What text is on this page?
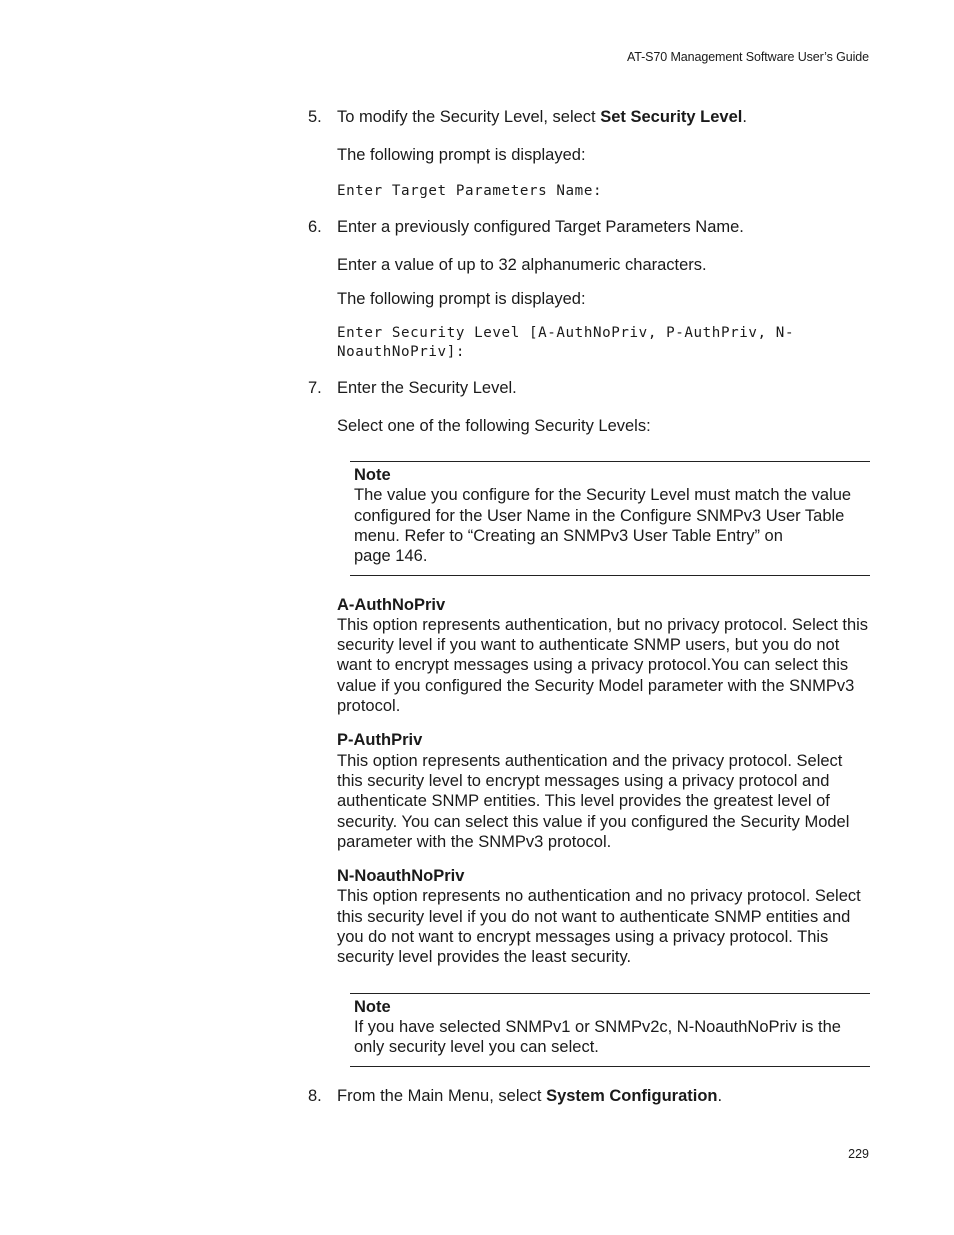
AT-S70 Management Software User’s Guide
5. To modify the Security Level, select Set Security Level.

The following prompt is displayed:

Enter Target Parameters Name:
6. Enter a previously configured Target Parameters Name.

Enter a value of up to 32 alphanumeric characters.

The following prompt is displayed:

Enter Security Level [A-AuthNoPriv, P-AuthPriv, N-
NoauthNoPriv]:
7. Enter the Security Level.

Select one of the following Security Levels:

Note
The value you configure for the Security Level must match the value configured for the User Name in the Configure SNMPv3 User Table menu. Refer to “Creating an SNMPv3 User Table Entry” on
page 146.
A-AuthNoPriv
This option represents authentication, but no privacy protocol. Select this security level if you want to authenticate SNMP users, but you do not want to encrypt messages using a privacy protocol.You can select this value if you configured the Security Model parameter with the SNMPv3 protocol.
P-AuthPriv
This option represents authentication and the privacy protocol. Select this security level to encrypt messages using a privacy protocol and authenticate SNMP entities. This level provides the greatest level of security. You can select this value if you configured the Security Model parameter with the SNMPv3 protocol.
N-NoauthNoPriv
This option represents no authentication and no privacy protocol. Select this security level if you do not want to authenticate SNMP entities and you do not want to encrypt messages using a privacy protocol. This security level provides the least security.
Note
If you have selected SNMPv1 or SNMPv2c, N-NoauthNoPriv is the only security level you can select.
8. From the Main Menu, select System Configuration.
229
